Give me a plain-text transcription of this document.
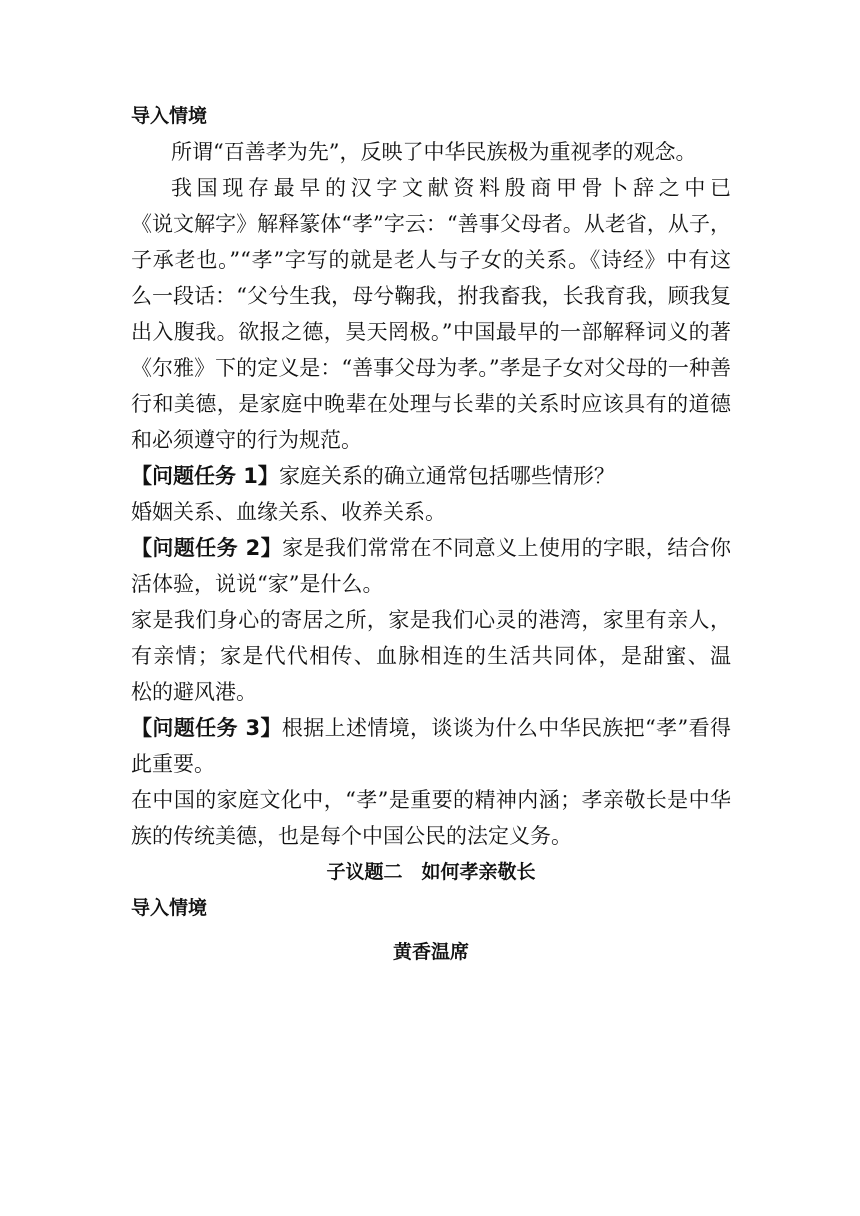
导入情境
所谓“百善孝为先”，反映了中华民族极为重视孝的观念。
我国现存最早的汉字文献资料殷商甲骨卜辞之中已
《说文解字》解释篆体“孝”字云：“善事父母者。从老省，从子，
子承老也。”“孝”字写的就是老人与子女的关系。《诗经》中有这
么一段话：“父兮生我，母兮鞠我，拊我畜我，长我育我，顾我复
出入腹我。欲报之德，昊天罔极。”中国最早的一部解释词义的著
《尔雅》下的定义是：“善事父母为孝。”孝是子女对父母的一种善
行和美德，是家庭中晚辈在处理与长辈的关系时应该具有的道德
和必须遵守的行为规范。
【问题任务 1】家庭关系的确立通常包括哪些情形？
婚姻关系、血缘关系、收养关系。
【问题任务 2】家是我们常常在不同意义上使用的字眼，结合你
活体验，说说“家”是什么。
家是我们身心的寄居之所，家是我们心灵的港湾，家里有亲人，
有亲情；家是代代相传、血脉相连的生活共同体，是甜蜜、温
松的避风港。
【问题任务 3】根据上述情境，谈谈为什么中华民族把“孝”看得
此重要。
在中国的家庭文化中，“孝”是重要的精神内涵；孝亲敬长是中华
族的传统美德，也是每个中国公民的法定义务。
子议题二　如何孝亲敬长
导入情境
黄香温席
